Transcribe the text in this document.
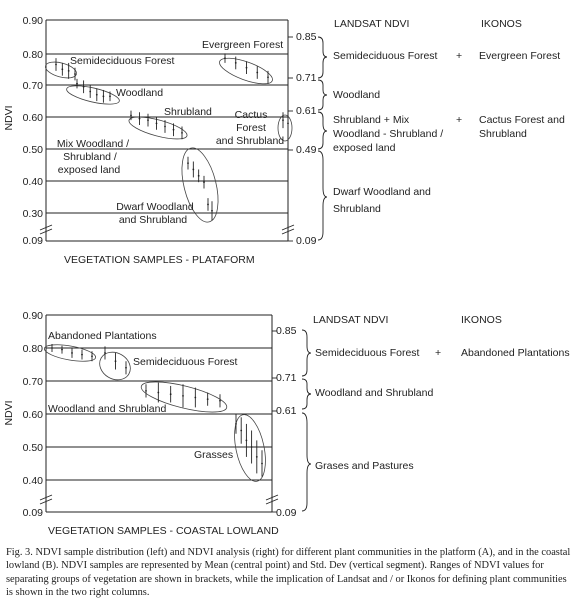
0.90
0.80
0.70
0.60
0.50
0.40
0.30
0.09
NDVI
0.85
0.71
0.61
0.49
0.09
Semideciduous Forest
Evergreen Forest
Woodland
Shrubland Cactus
Forest
and Shrubland
Mix Woodland /
Shrubland /
exposed land
Dwarf Woodland
and Shrubland
VEGETATION SAMPLES - PLATAFORM
LANDSAT NDVI	IKONOS
Semideciduous Forest + Evergreen Forest
Woodland
Shrubland + Mix
Woodland - Shrubland /
exposed land
+ Cactus Forest and
Shrubland
Dwarf Woodland and
Shrubland
0.90
0.80
0.70
0.60
0.50
0.40
0.09
NDVI
0.85
0.71
0.61
0.09
Abandoned Plantations
Semideciduous Forest
Woodland and Shrubland
Grasses
VEGETATION SAMPLES - COASTAL LOWLAND
LANDSAT NDVI	IKONOS
Semideciduous Forest + Abandoned Plantations
Woodland and Shrubland
Grases and Pastures
Fig. 3. NDVI sample distribution (left) and NDVI analysis (right) for different plant communities in the platform (A), and in the coastal lowland (B). NDVI samples are represented by Mean (central point) and Std. Dev (vertical segment). Ranges of NDVI values for separating groups of vegetation are shown in brackets, while the implication of Landsat and / or Ikonos for defining plant communities is shown in the two right columns.
